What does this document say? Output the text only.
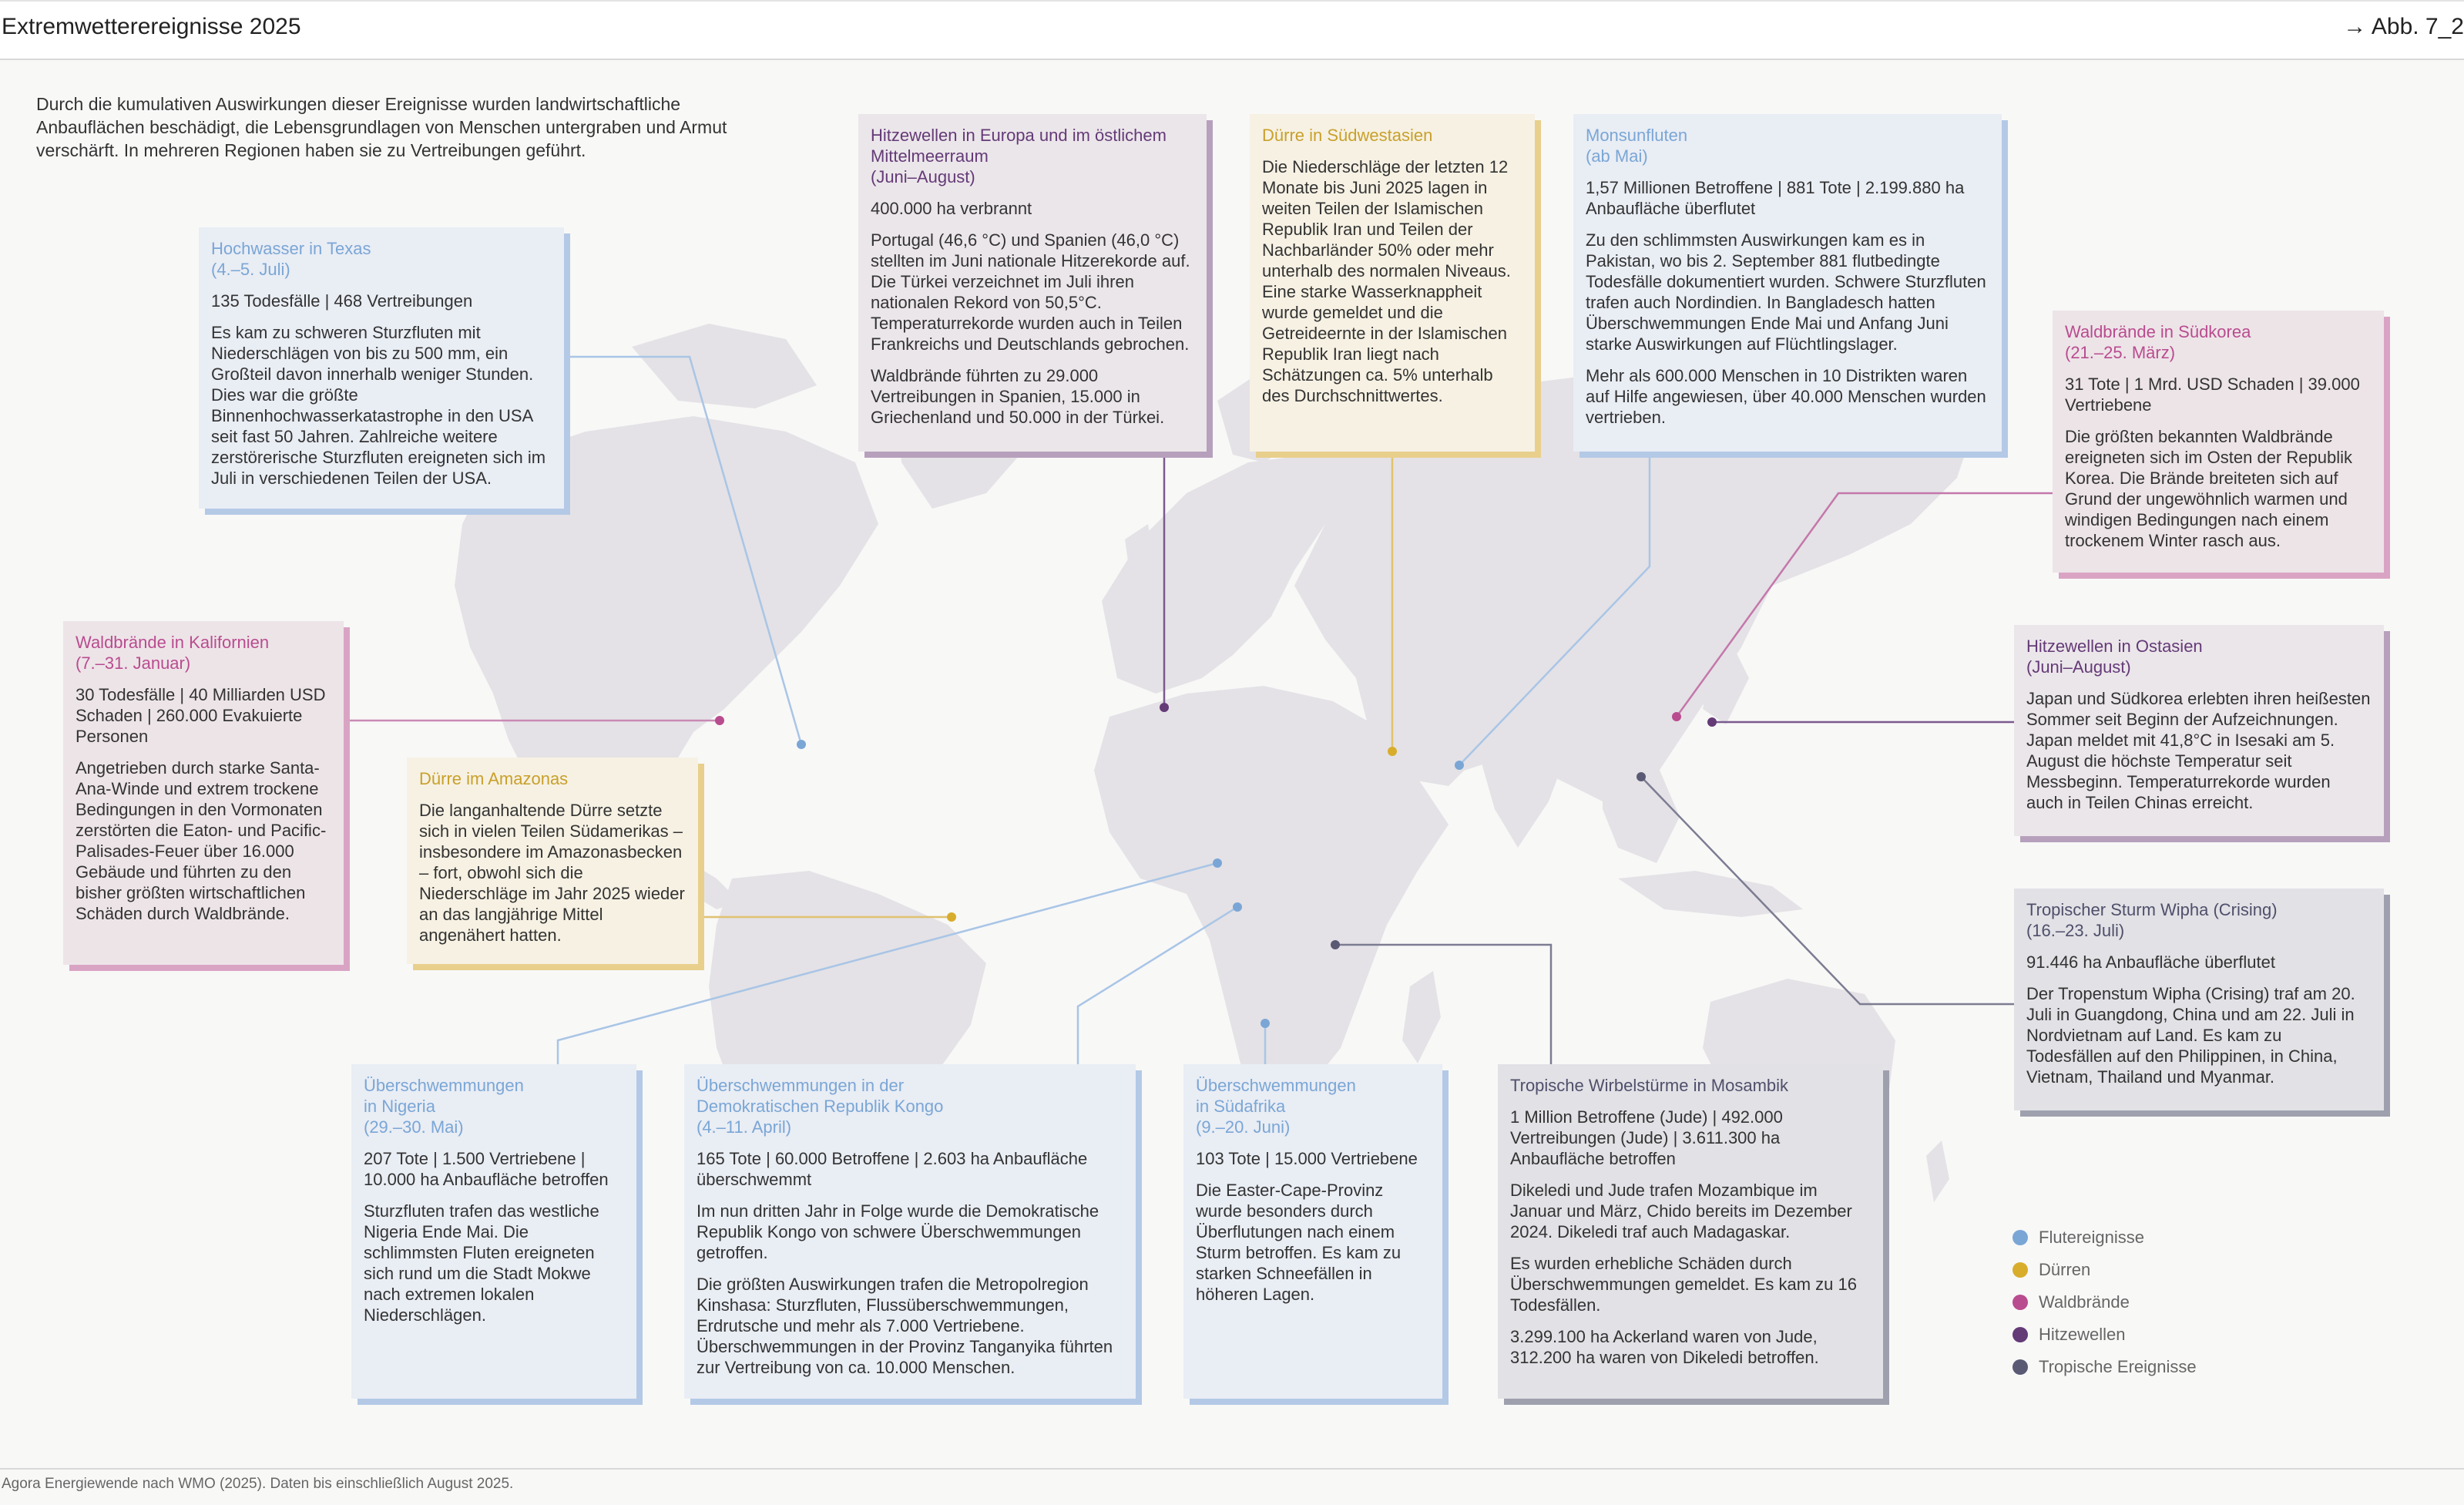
Extremwetterereignisse 2025	→ Abb. 7_2
Durch die kumulativen Auswirkungen dieser Ereignisse wurden landwirtschaftliche Anbauflächen beschädigt, die Lebensgrundlagen von Menschen untergraben und Armut verschärft. In mehreren Regionen haben sie zu Vertreibungen geführt.
Hochwasser in Texas
(4.–5. Juli)

135 Todesfälle | 468 Vertreibungen

Es kam zu schweren Sturzfluten mit Niederschlägen von bis zu 500 mm, ein Großteil davon innerhalb weniger Stunden. Dies war die größte Binnenhochwasserkatastrophe in den USA seit fast 50 Jahren. Zahlreiche weitere zerstörerische Sturzfluten ereigneten sich im Juli in verschiedenen Teilen der USA.

Waldbrände in Kalifornien
(7.–31. Januar)

30 Todesfälle | 40 Milliarden USD Schaden | 260.000 Evakuierte Personen

Angetrieben durch starke Santa-Ana-Winde und extrem trockene Bedingungen in den Vormonaten zerstörten die Eaton- und Pacific-Palisades-Feuer über 16.000 Gebäude und führten zu den bisher größten wirtschaftlichen Schäden durch Waldbrände.

Dürre im Amazonas

Die langanhaltende Dürre setzte sich in vielen Teilen Südamerikas – insbesondere im Amazonasbecken – fort, obwohl sich die Niederschläge im Jahr 2025 wieder an das langjährige Mittel angenähert hatten.

Hitzewellen in Europa und im östlichem Mittelmeerraum
(Juni–August)

400.000 ha verbrannt

Portugal (46,6 °C) und Spanien (46,0 °C) stellten im Juni nationale Hitzerekorde auf. Die Türkei verzeichnet im Juli ihren nationalen Rekord von 50,5°C. Temperaturrekorde wurden auch in Teilen Frankreichs und Deutschlands gebrochen.

Waldbrände führten zu 29.000 Vertreibungen in Spanien, 15.000 in Griechenland und 50.000 in der Türkei.

Dürre in Südwestasien

Die Niederschläge der letzten 12 Monate bis Juni 2025 lagen in weiten Teilen der Islamischen Republik Iran und Teilen der Nachbarländer 50% oder mehr unterhalb des normalen Niveaus. Eine starke Wasserknappheit wurde gemeldet und die Getreideernte in der Islamischen Republik Iran liegt nach Schätzungen ca. 5% unterhalb des Durchschnittwertes.

Monsunfluten
(ab Mai)

1,57 Millionen Betroffene | 881 Tote | 2.199.880 ha Anbaufläche überflutet

Zu den schlimmsten Auswirkungen kam es in Pakistan, wo bis 2. September 881 flutbedingte Todesfälle dokumentiert wurden. Schwere Sturzfluten trafen auch Nordindien. In Bangladesch hatten Überschwemmungen Ende Mai und Anfang Juni starke Auswirkungen auf Flüchtlingslager.

Mehr als 600.000 Menschen in 10 Distrikten waren auf Hilfe angewiesen, über 40.000 Menschen wurden vertrieben.

Waldbrände in Südkorea
(21.–25. März)

31 Tote | 1 Mrd. USD Schaden | 39.000 Vertriebene

Die größten bekannten Waldbrände ereigneten sich im Osten der Republik Korea. Die Brände breiteten sich auf Grund der ungewöhnlich warmen und windigen Bedingungen nach einem trockenem Winter rasch aus.

Hitzewellen in Ostasien
(Juni–August)

Japan und Südkorea erlebten ihren heißesten Sommer seit Beginn der Aufzeichnungen. Japan meldet mit 41,8°C in Isesaki am 5. August die höchste Temperatur seit Messbeginn. Temperaturrekorde wurden auch in Teilen Chinas erreicht.

Tropischer Sturm Wipha (Crising)
(16.–23. Juli)

91.446 ha Anbaufläche überflutet

Der Tropenstum Wipha (Crising) traf am 20. Juli in Guangdong, China und am 22. Juli in Nordvietnam auf Land. Es kam zu Todesfällen auf den Philippinen, in China, Vietnam, Thailand und Myanmar.

Überschwemmungen
in Nigeria
(29.–30. Mai)

207 Tote | 1.500 Vertriebene | 10.000 ha Anbaufläche betroffen

Sturzfluten trafen das westliche Nigeria Ende Mai. Die schlimmsten Fluten ereigneten sich rund um die Stadt Mokwe nach extremen lokalen Niederschlägen.

Überschwemmungen in der
Demokratischen Republik Kongo
(4.–11. April)

165 Tote | 60.000 Betroffene | 2.603 ha Anbaufläche überschwemmt

Im nun dritten Jahr in Folge wurde die Demokratische Republik Kongo von schwere Überschwemmungen getroffen.

Die größten Auswirkungen trafen die Metropolregion Kinshasa: Sturzfluten, Flussüberschwemmungen, Erdrutsche und mehr als 7.000 Vertriebene. Überschwemmungen in der Provinz Tanganyika führten zur Vertreibung von ca. 10.000 Menschen.

Überschwemmungen
in Südafrika
(9.–20. Juni)

103 Tote | 15.000 Vertriebene

Die Easter-Cape-Provinz wurde besonders durch Überflutungen nach einem Sturm betroffen. Es kam zu starken Schneefällen in höheren Lagen.

Tropische Wirbelstürme in Mosambik

1 Million Betroffene (Jude) | 492.000 Vertreibungen (Jude) | 3.611.300 ha Anbaufläche betroffen

Dikeledi und Jude trafen Mozambique im Januar und März, Chido bereits im Dezember 2024. Dikeledi traf auch Madagaskar.

Es wurden erhebliche Schäden durch Überschwemmungen gemeldet. Es kam zu 16 Todesfällen.

3.299.100 ha Ackerland waren von Jude, 312.200 ha waren von Dikeledi betroffen.

Flutereignisse
Dürren
Waldbrände
Hitzewellen
Tropische Ereignisse
Agora Energiewende nach WMO (2025). Daten bis einschließlich August 2025.
